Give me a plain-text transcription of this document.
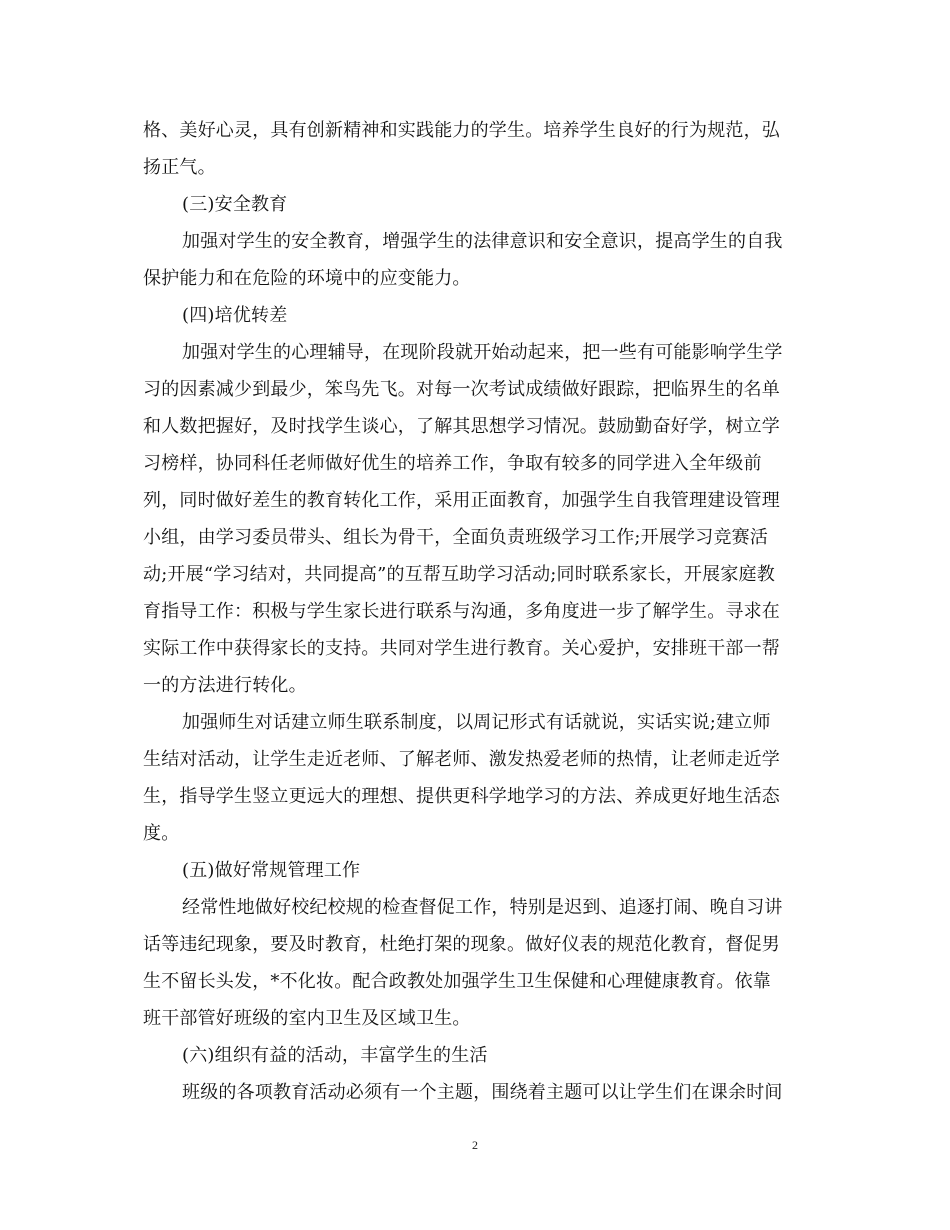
格、美好心灵，具有创新精神和实践能力的学生。培养学生良好的行为规范，弘
扬正气。
(三)安全教育
加强对学生的安全教育，增强学生的法律意识和安全意识，提高学生的自我
保护能力和在危险的环境中的应变能力。
(四)培优转差
加强对学生的心理辅导，在现阶段就开始动起来，把一些有可能影响学生学
习的因素减少到最少，笨鸟先飞。对每一次考试成绩做好跟踪，把临界生的名单
和人数把握好，及时找学生谈心，了解其思想学习情况。鼓励勤奋好学，树立学
习榜样，协同科任老师做好优生的培养工作，争取有较多的同学进入全年级前
列，同时做好差生的教育转化工作，采用正面教育，加强学生自我管理建设管理
小组，由学习委员带头、组长为骨干，全面负责班级学习工作;开展学习竞赛活
动;开展“学习结对，共同提高”的互帮互助学习活动;同时联系家长，开展家庭教
育指导工作：积极与学生家长进行联系与沟通，多角度进一步了解学生。寻求在
实际工作中获得家长的支持。共同对学生进行教育。关心爱护，安排班干部一帮
一的方法进行转化。
加强师生对话建立师生联系制度，以周记形式有话就说，实话实说;建立师
生结对活动，让学生走近老师、了解老师、激发热爱老师的热情，让老师走近学
生，指导学生竖立更远大的理想、提供更科学地学习的方法、养成更好地生活态
度。
(五)做好常规管理工作
经常性地做好校纪校规的检查督促工作，特别是迟到、追逐打闹、晚自习讲
话等违纪现象，要及时教育，杜绝打架的现象。做好仪表的规范化教育，督促男
生不留长头发，*不化妆。配合政教处加强学生卫生保健和心理健康教育。依靠
班干部管好班级的室内卫生及区域卫生。
(六)组织有益的活动，丰富学生的生活
班级的各项教育活动必须有一个主题，围绕着主题可以让学生们在课余时间
2
